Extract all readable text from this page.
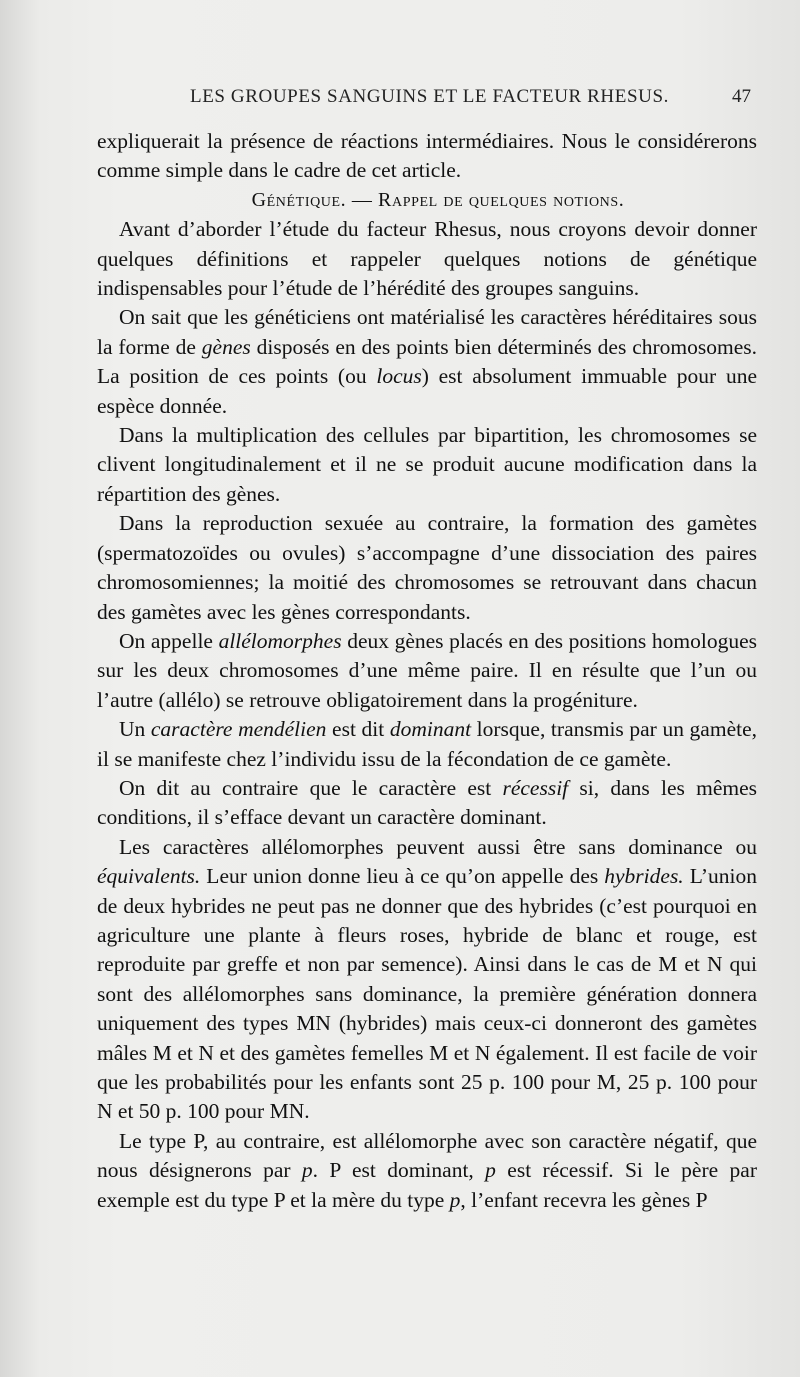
LES GROUPES SANGUINS ET LE FACTEUR RHESUS.	47

expliquerait la présence de réactions intermédiaires. Nous le considérerons comme simple dans le cadre de cet article.

Génétique. — Rappel de quelques notions.

Avant d’aborder l’étude du facteur Rhesus, nous croyons devoir donner quelques définitions et rappeler quelques notions de génétique indispensables pour l’étude de l’hérédité des groupes sanguins.

On sait que les généticiens ont matérialisé les caractères héréditaires sous la forme de gènes disposés en des points bien déterminés des chromosomes. La position de ces points (ou locus) est absolument immuable pour une espèce donnée.

Dans la multiplication des cellules par bipartition, les chromosomes se clivent longitudinalement et il ne se produit aucune modification dans la répartition des gènes.

Dans la reproduction sexuée au contraire, la formation des gamètes (spermatozoïdes ou ovules) s’accompagne d’une dissociation des paires chromosomiennes; la moitié des chromosomes se retrouvant dans chacun des gamètes avec les gènes correspondants.

On appelle allélomorphes deux gènes placés en des positions homologues sur les deux chromosomes d’une même paire. Il en résulte que l’un ou l’autre (allélo) se retrouve obligatoirement dans la progéniture.

Un caractère mendélien est dit dominant lorsque, transmis par un gamète, il se manifeste chez l’individu issu de la fécondation de ce gamète.

On dit au contraire que le caractère est récessif si, dans les mêmes conditions, il s’efface devant un caractère dominant.

Les caractères allélomorphes peuvent aussi être sans dominance ou équivalents. Leur union donne lieu à ce qu’on appelle des hybrides. L’union de deux hybrides ne peut pas ne donner que des hybrides (c’est pourquoi en agriculture une plante à fleurs roses, hybride de blanc et rouge, est reproduite par greffe et non par semence). Ainsi dans le cas de M et N qui sont des allélomorphes sans dominance, la première génération donnera uniquement des types MN (hybrides) mais ceux-ci donneront des gamètes mâles M et N et des gamètes femelles M et N également. Il est facile de voir que les probabilités pour les enfants sont 25 p. 100 pour M, 25 p. 100 pour N et 50 p. 100 pour MN.

Le type P, au contraire, est allélomorphe avec son caractère négatif, que nous désignerons par p. P est dominant, p est récessif. Si le père par exemple est du type P et la mère du type p, l’enfant recevra les gènes P
